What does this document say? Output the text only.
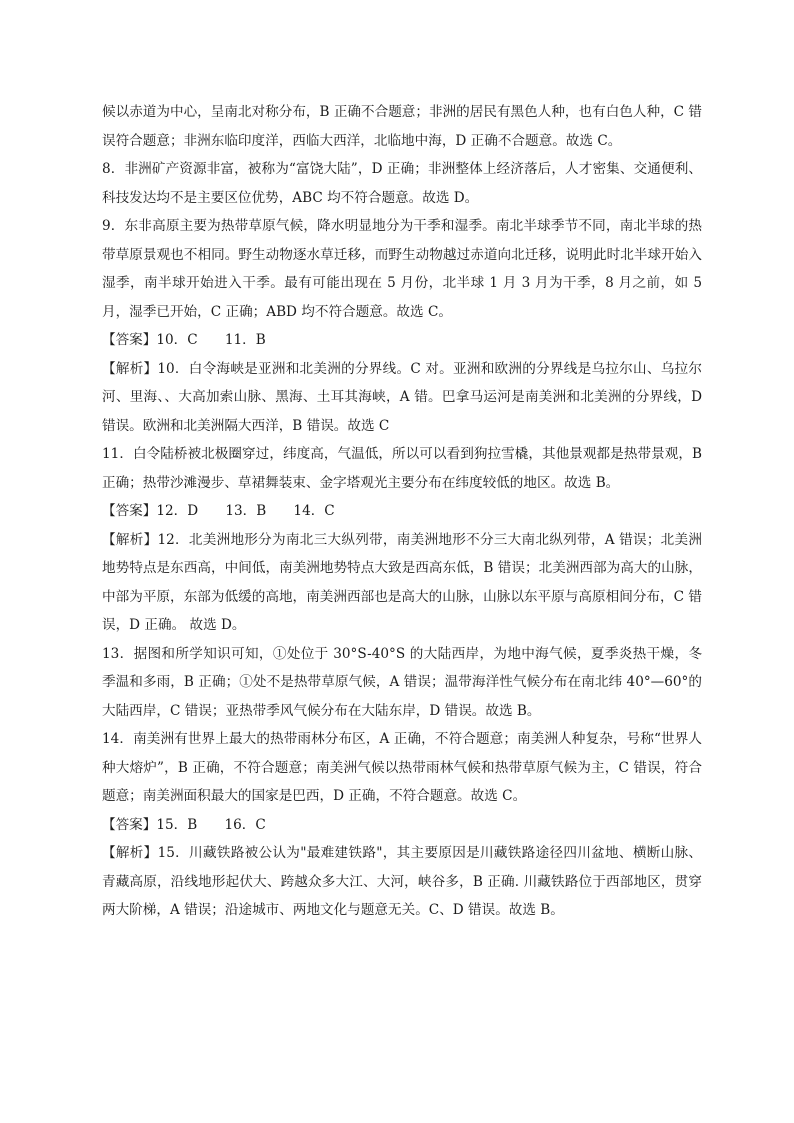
候以赤道为中心，呈南北对称分布，B 正确不合题意；非洲的居民有黑色人种，也有白色人种，C 错误符合题意；非洲东临印度洋，西临大西洋，北临地中海，D 正确不合题意。故选 C。

8．非洲矿产资源非富，被称为“富饶大陆”，D 正确；非洲整体上经济落后，人才密集、交通便利、科技发达均不是主要区位优势，ABC 均不符合题意。故选 D。

9．东非高原主要为热带草原气候，降水明显地分为干季和湿季。南北半球季节不同，南北半球的热带草原景观也不相同。野生动物逐水草迁移，而野生动物越过赤道向北迁移，说明此时北半球开始入湿季，南半球开始进入干季。最有可能出现在 5 月份，北半球 1 月 3 月为干季，8 月之前，如 5 月，湿季已开始，C 正确；ABD 均不符合题意。故选 C。

【答案】10．C　　11．B

【解析】10．白令海峡是亚洲和北美洲的分界线。C 对。亚洲和欧洲的分界线是乌拉尔山、乌拉尔河、里海、、大高加索山脉、黑海、土耳其海峡，A 错。巴拿马运河是南美洲和北美洲的分界线，D 错误。欧洲和北美洲隔大西洋，B 错误。故选 C

11．白令陆桥被北极圈穿过，纬度高，气温低，所以可以看到狗拉雪橇，其他景观都是热带景观，B 正确；热带沙滩漫步、草裙舞装束、金字塔观光主要分布在纬度较低的地区。故选 B。

【答案】12．D　　13．B　　14．C

【解析】12．北美洲地形分为南北三大纵列带，南美洲地形不分三大南北纵列带，A 错误；北美洲地势特点是东西高，中间低，南美洲地势特点大致是西高东低，B 错误；北美洲西部为高大的山脉，中部为平原，东部为低缓的高地，南美洲西部也是高大的山脉，山脉以东平原与高原相间分布，C 错误，D 正确。 故选 D。

13．据图和所学知识可知，①处位于 30°S-40°S 的大陆西岸，为地中海气候，夏季炎热干燥，冬季温和多雨，B 正确；①处不是热带草原气候，A 错误；温带海洋性气候分布在南北纬 40°—60°的大陆西岸，C 错误；亚热带季风气候分布在大陆东岸，D 错误。故选 B。

14．南美洲有世界上最大的热带雨林分布区，A 正确，不符合题意；南美洲人种复杂，号称“世界人种大熔炉”，B 正确，不符合题意；南美洲气候以热带雨林气候和热带草原气候为主，C 错误，符合题意；南美洲面积最大的国家是巴西，D 正确，不符合题意。故选 C。

【答案】15．B　　16．C

【解析】15．川藏铁路被公认为"最难建铁路"，其主要原因是川藏铁路途径四川盆地、横断山脉、青藏高原，沿线地形起伏大、跨越众多大江、大河，峡谷多，B 正确. 川藏铁路位于西部地区，贯穿两大阶梯，A 错误；沿途城市、两地文化与题意无关。C、D 错误。故选 B。
